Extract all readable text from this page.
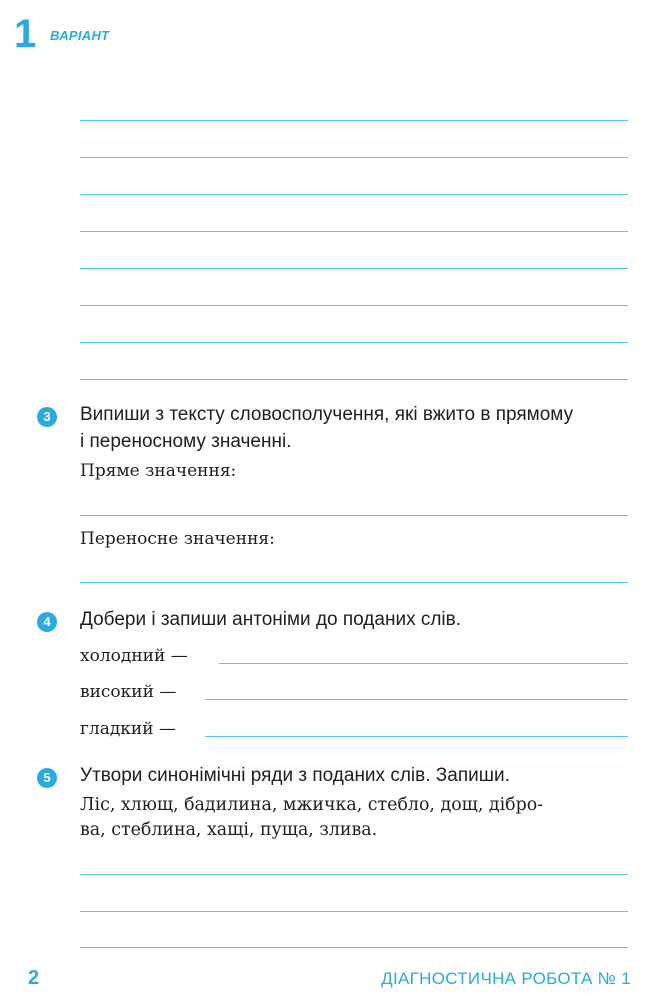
1 ВАРІАНТ
3	Випиши з тексту словосполучення, які вжито в прямому
і переносному значенні.
Пряме значення:
Переносне значення:
4	Добери і запиши антоніми до поданих слів.
холодний —
високий —
гладкий —
5	Утвори синонімічні ряди з поданих слів. Запиши.
Ліс, хлющ, бадилина, мжичка, стебло, дощ, дібро-
ва, стеблина, хащі, пуща, злива.
2	ДІАГНОСТИЧНА РОБОТА № 1
